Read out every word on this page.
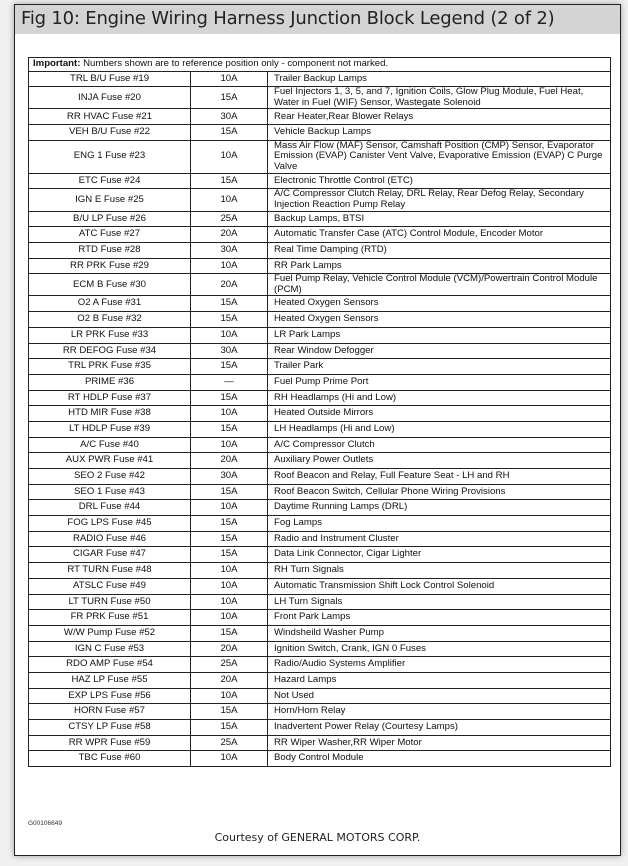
Fig 10: Engine Wiring Harness Junction Block Legend (2 of 2)
Important: Numbers shown are to reference position only - component not marked.		
TRL B/U Fuse #19	10A	Trailer Backup Lamps
INJA Fuse #20	15A	Fuel Injectors 1, 3, 5, and 7, Ignition Coils, Glow Plug Module, Fuel Heat, Water in Fuel (WIF) Sensor, Wastegate Solenoid
RR HVAC Fuse #21	30A	Rear Heater,Rear Blower Relays
VEH B/U Fuse #22	15A	Vehicle Backup Lamps
ENG 1 Fuse #23	10A	Mass Air Flow (MAF) Sensor, Camshaft Position (CMP) Sensor, Evaporator Emission (EVAP) Canister Vent Valve, Evaporative Emission (EVAP) C Purge Valve
ETC Fuse #24	15A	Electronic Throttle Control (ETC)
IGN E Fuse #25	10A	A/C Compressor Clutch Relay, DRL Relay, Rear Defog Relay, Secondary Injection Reaction Pump Relay
B/U LP Fuse #26	25A	Backup Lamps, BTSI
ATC Fuse #27	20A	Automatic Transfer Case (ATC) Control Module, Encoder Motor
RTD Fuse #28	30A	Real Time Damping (RTD)
RR PRK Fuse #29	10A	RR Park Lamps
ECM B Fuse #30	20A	Fuel Pump Relay, Vehicle Control Module (VCM)/Powertrain Control Module (PCM)
O2 A Fuse #31	15A	Heated Oxygen Sensors
O2 B Fuse #32	15A	Heated Oxygen Sensors
LR PRK Fuse #33	10A	LR Park Lamps
RR DEFOG Fuse #34	30A	Rear Window Defogger
TRL PRK Fuse #35	15A	Trailer Park
PRIME #36	—	Fuel Pump Prime Port
RT HDLP Fuse #37	15A	RH Headlamps (Hi and Low)
HTD MIR Fuse #38	10A	Heated Outside Mirrors
LT HDLP Fuse #39	15A	LH Headlamps (Hi and Low)
A/C Fuse #40	10A	A/C Compressor Clutch
AUX PWR Fuse #41	20A	Auxiliary Power Outlets
SEO 2 Fuse #42	30A	Roof Beacon and Relay, Full Feature Seat - LH and RH
SEO 1 Fuse #43	15A	Roof Beacon Switch, Cellular Phone Wiring Provisions
DRL Fuse #44	10A	Daytime Running Lamps (DRL)
FOG LPS Fuse #45	15A	Fog Lamps
RADIO Fuse #46	15A	Radio and Instrument Cluster
CIGAR Fuse #47	15A	Data Link Connector, Cigar Lighter
RT TURN Fuse #48	10A	RH Turn Signals
ATSLC Fuse #49	10A	Automatic Transmission Shift Lock Control Solenoid
LT TURN Fuse #50	10A	LH Turn Signals
FR PRK Fuse #51	10A	Front Park Lamps
W/W Pump Fuse #52	15A	Windsheild Washer Pump
IGN C Fuse #53	20A	Ignition Switch, Crank, IGN 0 Fuses
RDO AMP Fuse #54	25A	Radio/Audio Systems Amplifier
HAZ LP Fuse #55	20A	Hazard Lamps
EXP LPS Fuse #56	10A	Not Used
HORN Fuse #57	15A	Horn/Horn Relay
CTSY LP Fuse #58	15A	Inadvertent Power Relay (Courtesy Lamps)
RR WPR Fuse #59	25A	RR Wiper Washer,RR Wiper Motor
TBC Fuse #60	10A	Body Control Module
G00106649
Courtesy of GENERAL MOTORS CORP.
